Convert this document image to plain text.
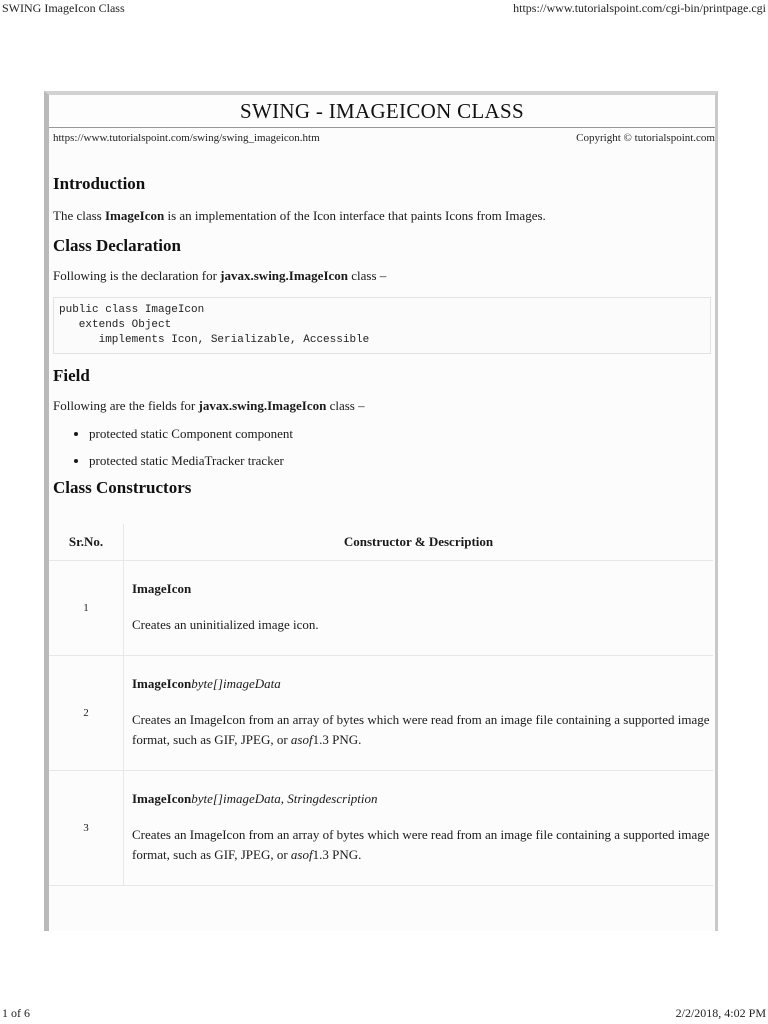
SWING ImageIcon Class	https://www.tutorialspoint.com/cgi-bin/printpage.cgi
SWING - IMAGEICON CLASS
https://www.tutorialspoint.com/swing/swing_imageicon.htm	Copyright © tutorialspoint.com
Introduction

The class ImageIcon is an implementation of the Icon interface that paints Icons from Images.

Class Declaration

Following is the declaration for javax.swing.ImageIcon class –

public class ImageIcon
extends Object
implements Icon, Serializable, Accessible
Field

Following are the fields for javax.swing.ImageIcon class –

• protected static Component component
• protected static MediaTracker tracker
Class Constructors
Sr.No.	Constructor & Description
1	ImageIcon
Creates an uninitialized image icon.

2	ImageIconbyte[]imageData
Creates an ImageIcon from an array of bytes which were read from an image file containing a supported image format, such as GIF, JPEG, or asof1.3 PNG.

3	ImageIconbyte[]imageData, Stringdescription
Creates an ImageIcon from an array of bytes which were read from an image file containing a supported image format, such as GIF, JPEG, or asof1.3 PNG.
1 of 6	2/2/2018, 4:02 PM
